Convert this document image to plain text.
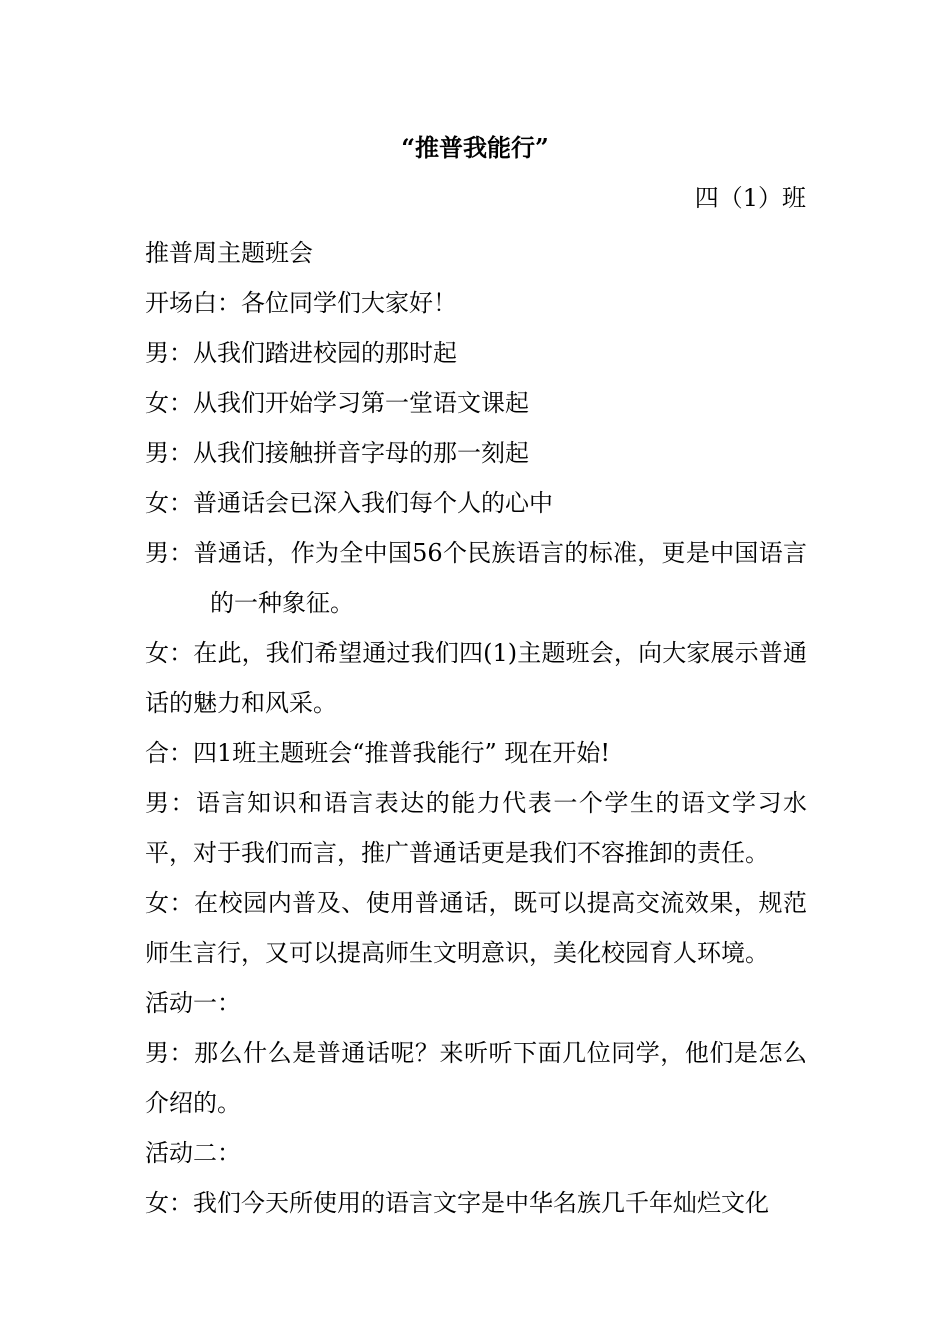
“推普我能行”
四（1）班

推普周主题班会

开场白：各位同学们大家好！

男：从我们踏进校园的那时起

女：从我们开始学习第一堂语文课起

男：从我们接触拼音字母的那一刻起

女：普通话会已深入我们每个人的心中

男：普通话，作为全中国56个民族语言的标准，更是中国语言的一种象征。

女：在此，我们希望通过我们四(1)主题班会，向大家展示普通话的魅力和风采。

合：四1班主题班会“推普我能行” 现在开始!

男：语言知识和语言表达的能力代表一个学生的语文学习水平，对于我们而言，推广普通话更是我们不容推卸的责任。

女：在校园内普及、使用普通话，既可以提高交流效果，规范师生言行，又可以提高师生文明意识，美化校园育人环境。

活动一：

男：那么什么是普通话呢？来听听下面几位同学，他们是怎么介绍的。

活动二：

女：我们今天所使用的语言文字是中华名族几千年灿烂文化
